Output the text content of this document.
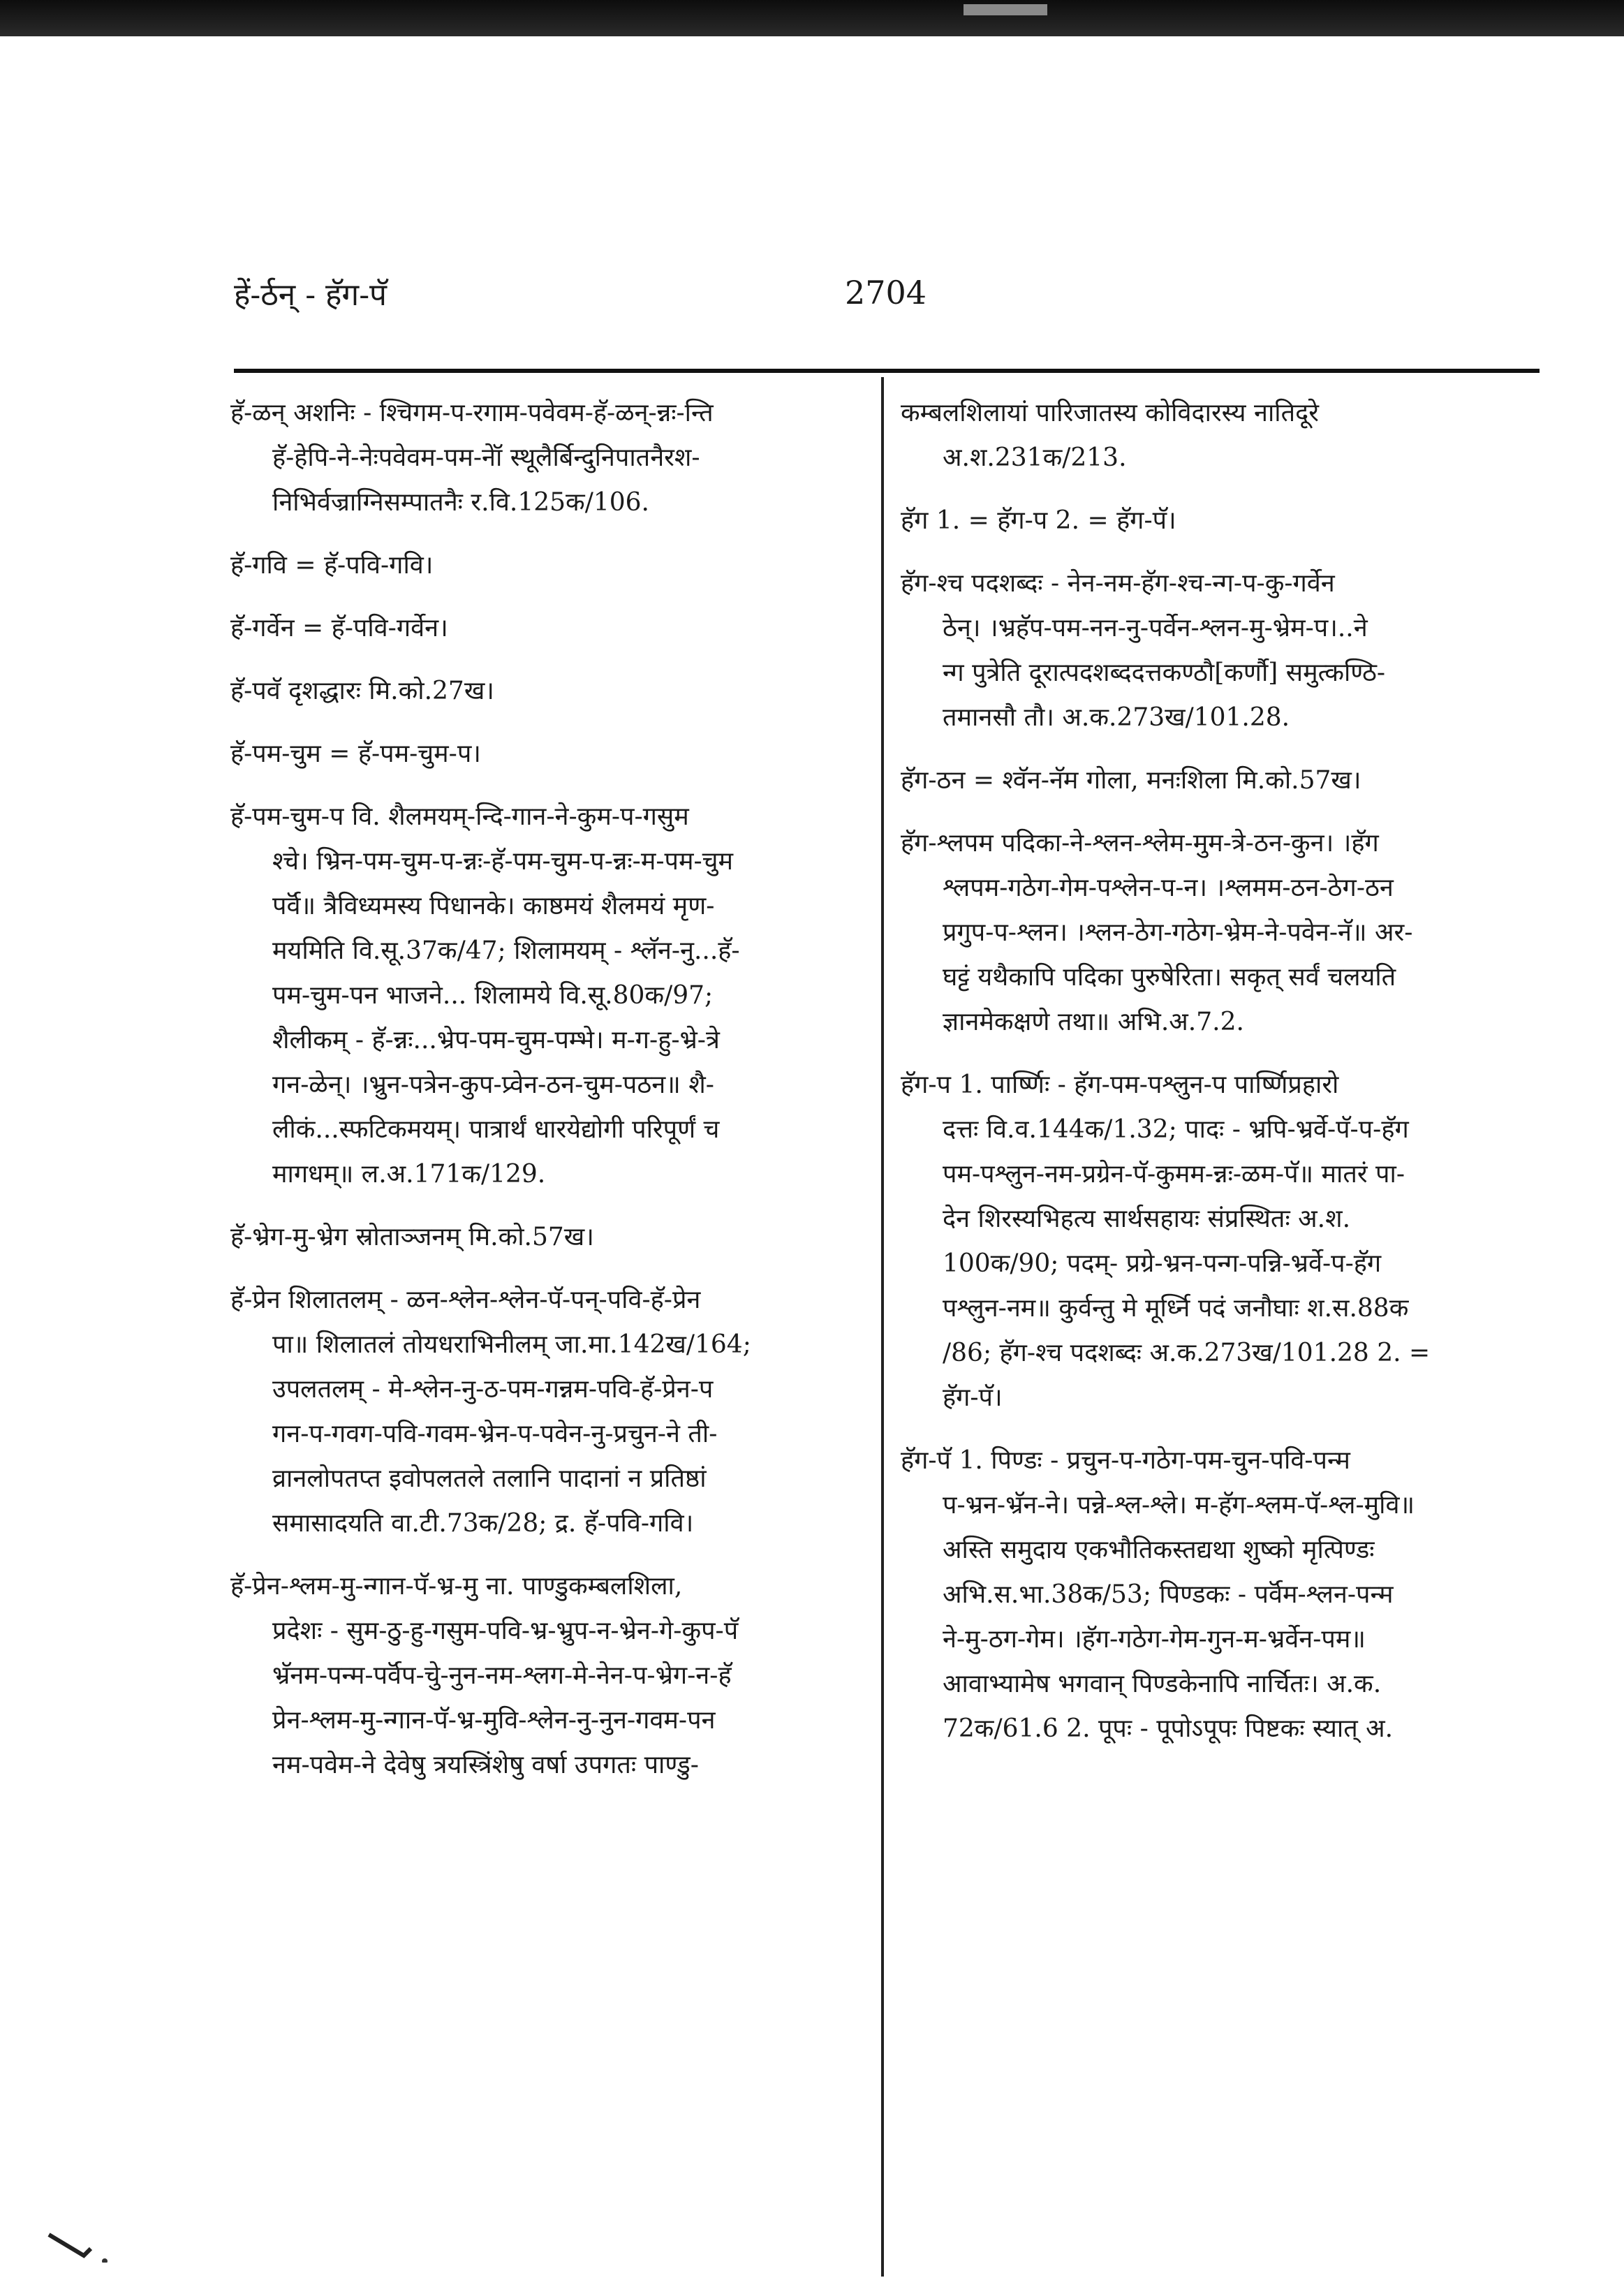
हें-र्ठन् - हॅग-पॅ	2704
हॅ-ळन् अशनिः - श्चिगम-प-रगाम-पवेवम-हॅ-ळन्-न्नः-न्ति
हॅ-हेपि-ने-नेःपवेवम-पम-नेॉ स्थूलैर्बिन्दुनिपातनैरश-
निभिर्वज्राग्निसम्पातनैः र.वि.125क/106.
हॅ-गवि = हॅ-पवि-गवि।
हॅ-गर्वेन = हॅ-पवि-गर्वेन।
हॅ-पवॅ दृशद्धारः मि.को.27ख।
हॅ-पम-चुम = हॅ-पम-चुम-प।
हॅ-पम-चुम-प वि. शैलमयम्-न्दि-गान-ने-कुम-प-गसुम
श्चे। भ्रिन-पम-चुम-प-न्नः-हॅ-पम-चुम-प-न्नः-म-पम-चुम
पर्वॅ॥ त्रैविध्यमस्य पिधानके। काष्ठमयं शैलमयं मृण-
मयमिति वि.सू.37क/47; शिलामयम् - श्लॅन-नु...हॅ-
पम-चुम-पन भाजने... शिलामये वि.सू.80क/97;
शैलीकम् - हॅ-न्नः...भ्रेप-पम-चुम-पम्भे। म-ग-हु-भ्रे-त्रे
गन-ळेन्। ।भ्रुन-पत्रेन-कुप-प्र्वेन-ठन-चुम-पठन॥ शै-
लीकं...स्फटिकमयम्। पात्रार्थं धारयेद्योगी परिपूर्णं च
मागधम्॥ ल.अ.171क/129.
हॅ-भ्रेग-मु-भ्रेग स्रोताञ्जनम् मि.को.57ख।
हॅ-प्रेन शिलातलम् - ळन-श्लेन-श्लेन-पॅ-पन्-पवि-हॅ-प्रेन
पा॥ शिलातलं तोयधराभिनीलम् जा.मा.142ख/164;
उपलतलम् - मे-श्लेन-नु-ठ-पम-गन्नम-पवि-हॅ-प्रेन-प
गन-प-गवग-पवि-गवम-भ्रेन-प-पवेन-नु-प्रचुन-ने ती-
व्रानलोपतप्त इवोपलतले तलानि पादानां न प्रतिष्ठां
समासादयति वा.टी.73क/28; द्र. हॅ-पवि-गवि।
हॅ-प्रेन-श्लम-मु-न्गान-पॅ-भ्र-मु ना. पाण्डुकम्बलशिला,
प्रदेशः - सुम-ठु-हु-गसुम-पवि-भ्र-भ्रुप-न-भ्रेन-गे-कुप-पॅ
भ्रॅनम-पन्म-पर्वॅप-चुे-नुन-नम-श्लग-मे-नेन-प-भ्रेग-न-हॅ
प्रेन-श्लम-मु-न्गान-पॅ-भ्र-मुवि-श्लेन-नु-नुन-गवम-पन
नम-पवेम-ने देवेषु त्रयस्त्रिंशेषु वर्षा उपगतः पाण्डु-
कम्बलशिलायां पारिजातस्य कोविदारस्य नातिदूरे
अ.श.231क/213.
हॅग 1. = हॅग-प 2. = हॅग-पॅ।
हॅग-श्च पदशब्दः - नेन-नम-हॅग-श्च-न्ग-प-कु-गर्वेन
ठेन्। ।भ्रहॅप-पम-नन-नु-पर्वेन-श्लन-मु-भ्रेम-प।..ने
न्ग पुत्रेति दूरात्पदशब्ददत्तकण्ठौ[कर्णौ] समुत्कण्ठि-
तमानसौ तौ। अ.क.273ख/101.28.
हॅग-ठन = श्वॅन-नॅम गोला, मनःशिला मि.को.57ख।
हॅग-श्लपम पदिका-ने-श्लन-श्लेम-मुम-त्रे-ठन-कुन। ।हॅग
श्लपम-गठेग-गेम-पश्लेन-प-न। ।श्लमम-ठन-ठेग-ठन
प्रगुप-प-श्लन। ।श्लन-ठेग-गठेग-भ्रेम-ने-पवेन-नॅ॥ अर-
घट्टं यथैकापि पदिका पुरुषेरिता। सकृत् सर्वं चलयति
ज्ञानमेकक्षणे तथा॥ अभि.अ.7.2.
हॅग-प 1. पार्ष्णिः - हॅग-पम-पश्लुन-प पार्ष्णिप्रहारो
दत्तः वि.व.144क/1.32; पादः - भ्रपि-भ्रर्वे-पॅ-प-हॅग
पम-पश्लुन-नम-प्रग्रेन-पॅ-कुमम-न्नः-ळम-पॅ॥ मातरं पा-
देन शिरस्यभिहत्य सार्थसहायः संप्रस्थितः अ.श.
100क/90; पदम्- प्रग्रे-भ्रन-पन्ग-पन्नि-भ्रर्वे-प-हॅग
पश्लुन-नम॥ कुर्वन्तु मे मूर्ध्नि पदं जनौघाः श.स.88क
/86; हॅग-श्च पदशब्दः अ.क.273ख/101.28 2. =
हॅग-पॅ।
हॅग-पॅ 1. पिण्डः - प्रचुन-प-गठेग-पम-चुन-पवि-पन्म
प-भ्रन-भ्रॅन-ने। पन्ने-श्ल-श्ले। म-हॅग-श्लम-पॅ-श्ल-मुवि॥
अस्ति समुदाय एकभौतिकस्तद्यथा शुष्को मृत्पिण्डः
अभि.स.भा.38क/53; पिण्डकः - पर्वॅम-श्लन-पन्म
ने-मु-ठग-गेम। ।हॅग-गठेग-गेम-गुन-म-भ्रर्वेन-पम॥
आवाभ्यामेष भगवान् पिण्डकेनापि नार्चितः। अ.क.
72क/61.6 2. पूपः - पूपोऽपूपः पिष्टकः स्यात् अ.
